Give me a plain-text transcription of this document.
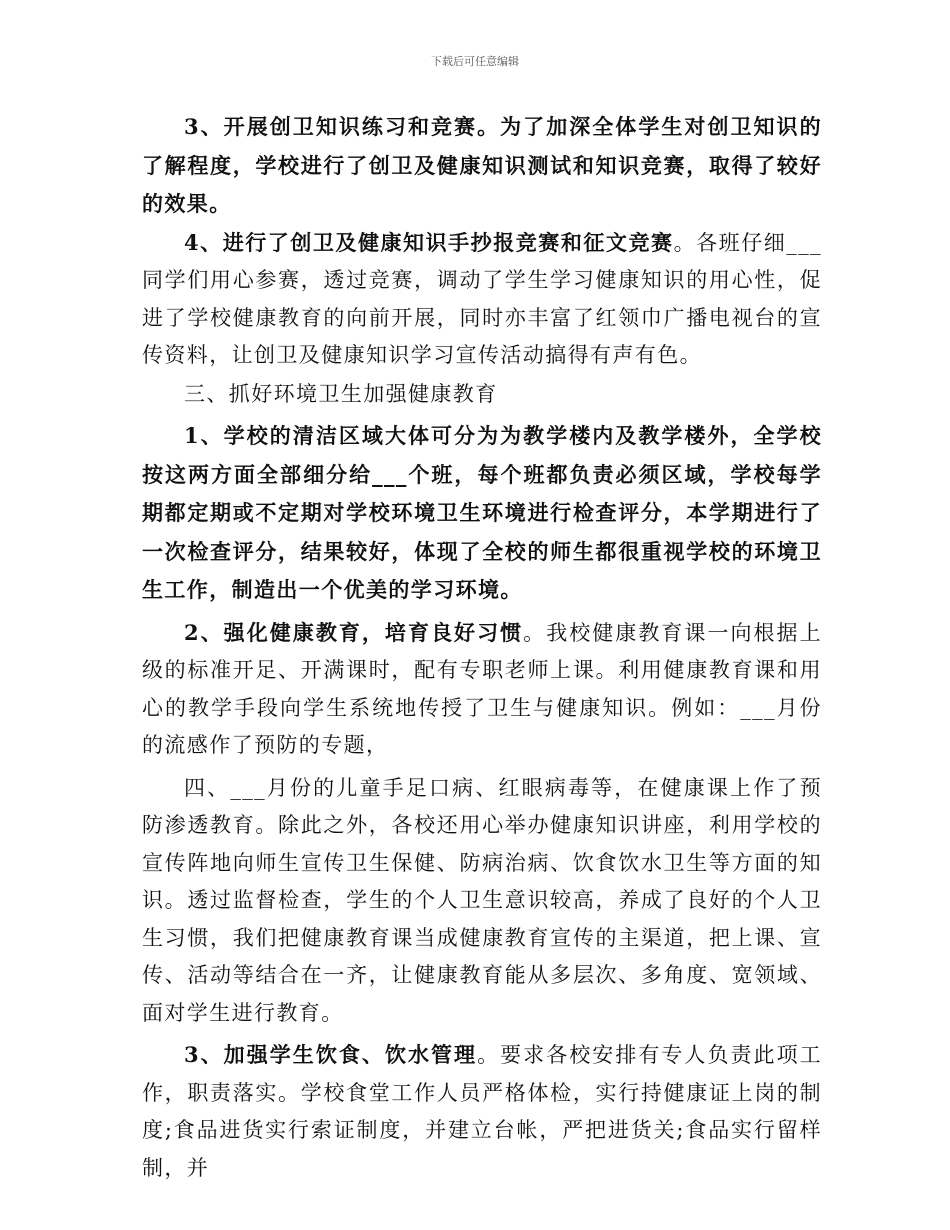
下载后可任意编辑

3、开展创卫知识练习和竞赛。为了加深全体学生对创卫知识的了解程度，学校进行了创卫及健康知识测试和知识竞赛，取得了较好的效果。

4、进行了创卫及健康知识手抄报竞赛和征文竞赛。各班仔细___同学们用心参赛，透过竞赛，调动了学生学习健康知识的用心性，促进了学校健康教育的向前开展，同时亦丰富了红领巾广播电视台的宣传资料，让创卫及健康知识学习宣传活动搞得有声有色。

三、抓好环境卫生加强健康教育

1、学校的清洁区域大体可分为为教学楼内及教学楼外，全学校按这两方面全部细分给___个班，每个班都负责必须区域，学校每学期都定期或不定期对学校环境卫生环境进行检查评分，本学期进行了一次检查评分，结果较好，体现了全校的师生都很重视学校的环境卫生工作，制造出一个优美的学习环境。

2、强化健康教育，培育良好习惯。我校健康教育课一向根据上级的标准开足、开满课时，配有专职老师上课。利用健康教育课和用心的教学手段向学生系统地传授了卫生与健康知识。例如：___月份的流感作了预防的专题，

四、___月份的儿童手足口病、红眼病毒等，在健康课上作了预防渗透教育。除此之外，各校还用心举办健康知识讲座，利用学校的宣传阵地向师生宣传卫生保健、防病治病、饮食饮水卫生等方面的知识。透过监督检查，学生的个人卫生意识较高，养成了良好的个人卫生习惯，我们把健康教育课当成健康教育宣传的主渠道，把上课、宣传、活动等结合在一齐，让健康教育能从多层次、多角度、宽领域、面对学生进行教育。

3、加强学生饮食、饮水管理。要求各校安排有专人负责此项工作，职责落实。学校食堂工作人员严格体检，实行持健康证上岗的制度;食品进货实行索证制度，并建立台帐，严把进货关;食品实行留样制，并
